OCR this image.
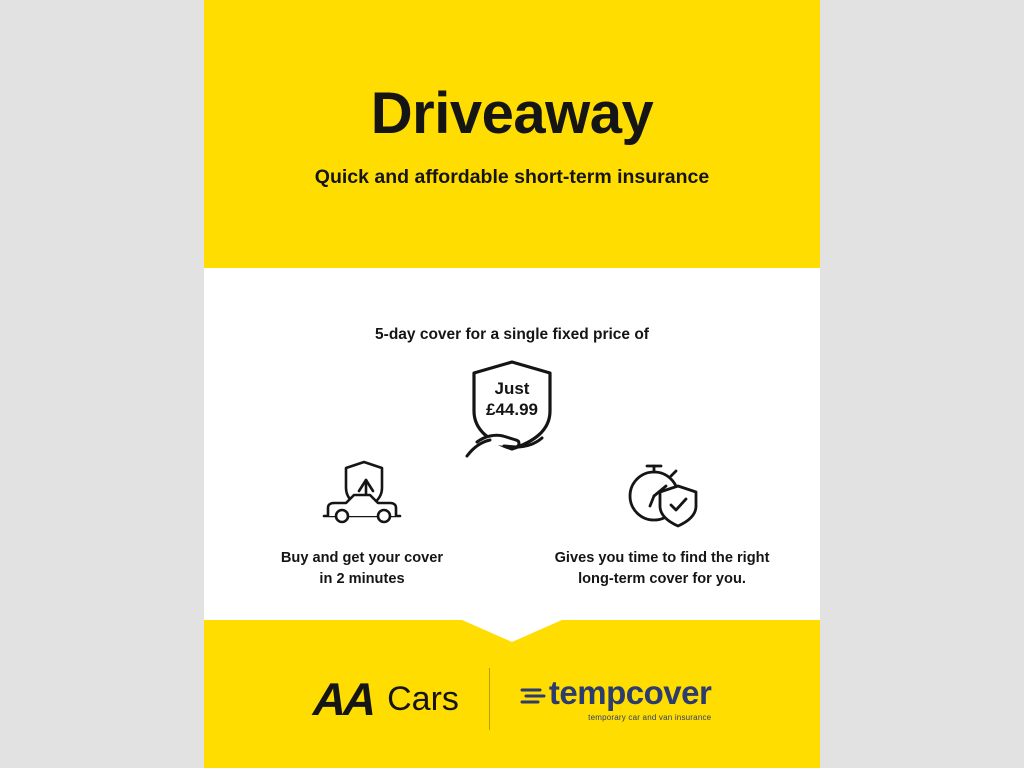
Driveaway
Quick and affordable short-term insurance
5-day cover for a single fixed price of
Just
£44.99
Buy and get your cover
in 2 minutes
Gives you time to find the right
long-term cover for you.
AA Cars	tempcover
temporary car and van insurance
